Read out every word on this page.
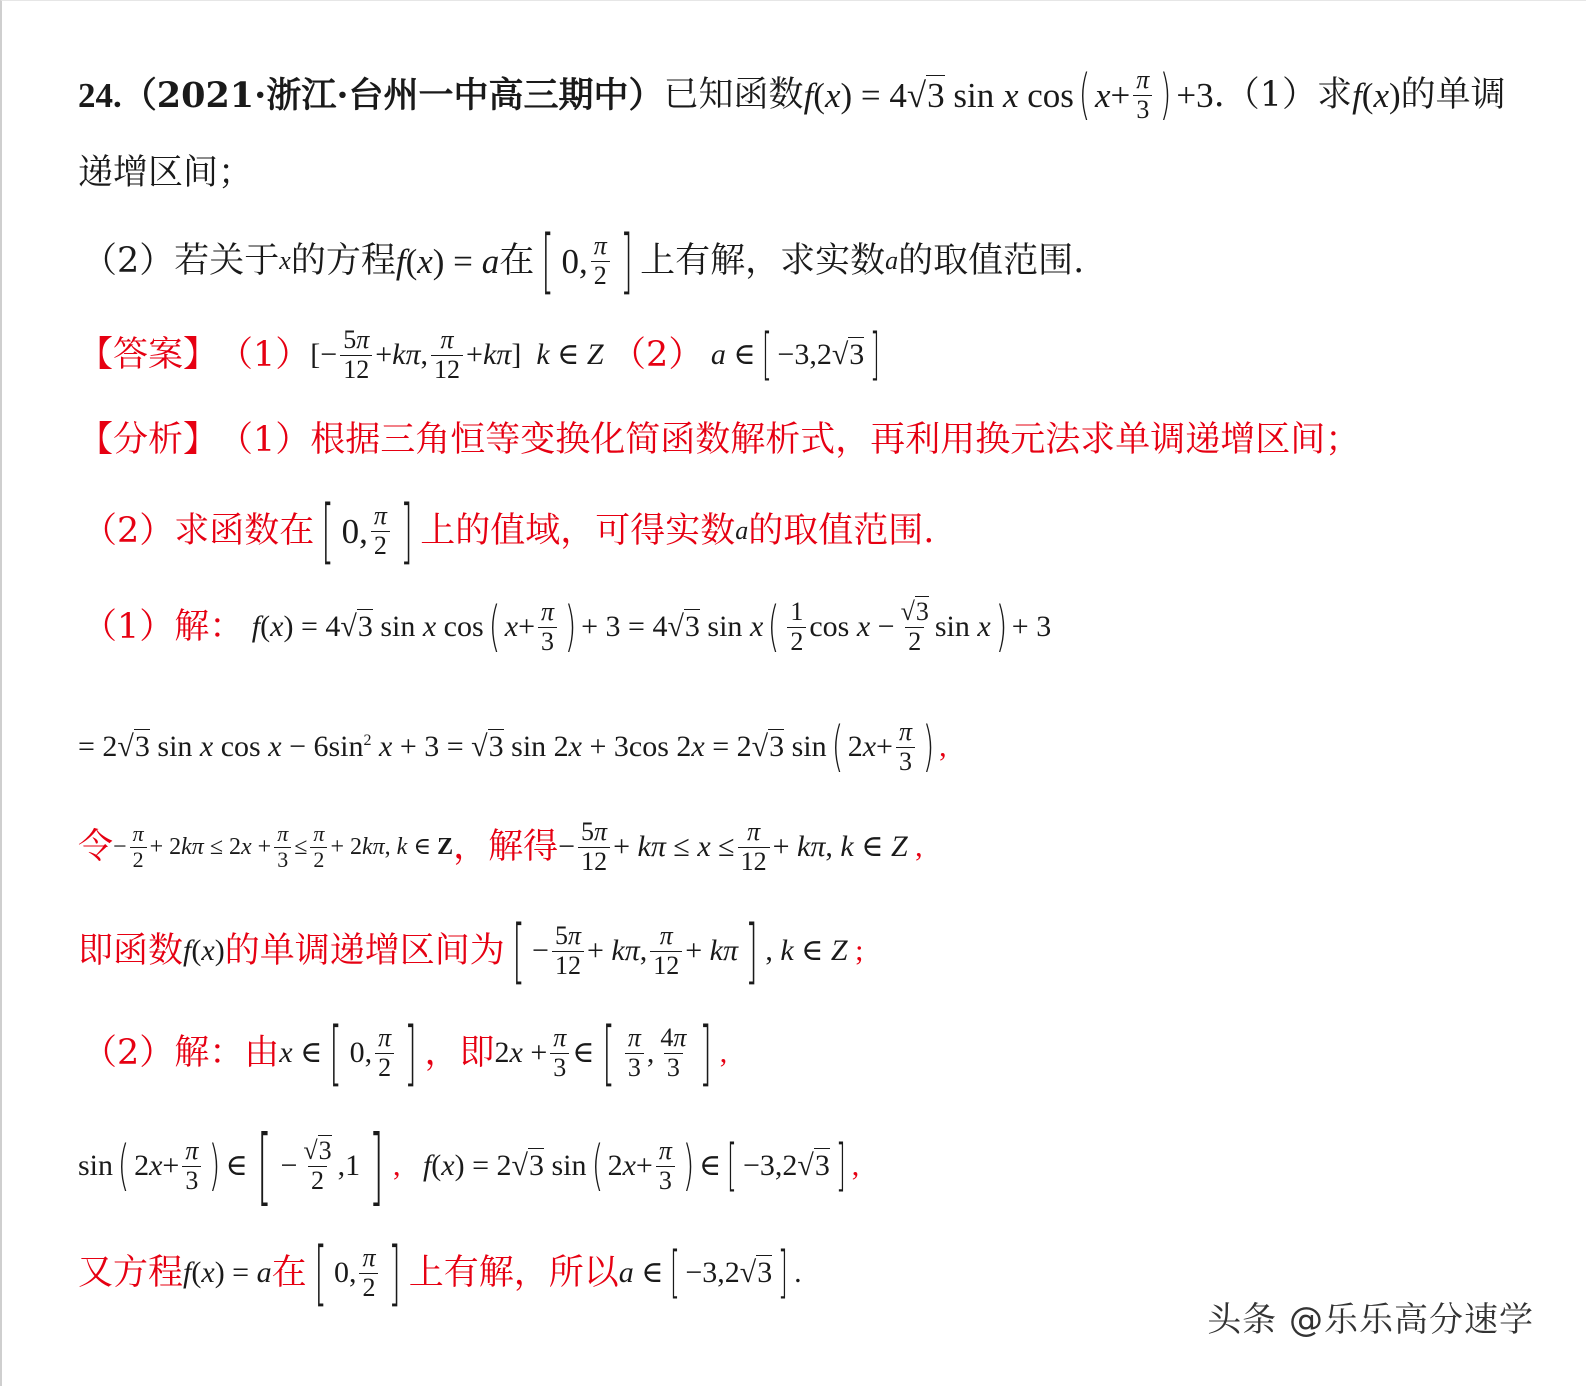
24. （2021·浙江·台州一中高三期中） 已知函数 f(x) = 4√3 sin x cos ( $x + \frac{\pi}{3}$ ) +3 .（1）求 f(x) 的单调
递增区间；
（2）若关于 x 的方程 f(x) = a 在 [ 0, π
2 ] 上有解，求实数 a 的取值范围.
【答案】 （1） [− $\frac{5\pi}{12} +k\pi$, π
12 +kπ]  k ∈ Z （2） a ∈ [ −3,2√3 ]
【分析】 （1）根据三角恒等变换化简函数解析式，再利用换元法求单调递增区间；
（2）求函数在 [ 0, π
2 ] 上的值域，可得实数 a 的取值范围.
（1）解： f(x) = 4√3 sin x cos ( $x + \frac{\pi}{3}$ ) + 3 = 4√3 sin x ( 1
2 $\cos x - \frac{√3}{2}$ sin x ) + 3
= 2√3 sin x $\cos x - 6\sin^2$ x + 3 = √3 sin 2x + 3cos 2x = 2√3 sin ( $2x+ \frac{\pi}{3}$ ) ,
令 − $\frac{\pi}{2} + 2k\pi \le 2x + \frac{\pi}{3} \le \frac{\pi}{2} + 2k\pi$, k ∈ Z ，解得 − $\frac{5\pi}{12} + k\pi \le x \le \frac{\pi}{12} + k\pi$, k ∈ Z ,
即函数 f(x) 的单调递增区间为 [ − $\frac{5\pi}{12} + k\pi$, π
12 + kπ ] , k ∈ Z ;
（2）解：由 x ∈ [ 0, π
2 ] ，即 $2x + \frac{\pi}{3}$ ∈ [ π
3 , 4π
3 ] ,
sin ( $2x+ \frac{\pi}{3}$ ) ∈ [ − $\frac{√3}{2} ,1$ ] , f(x) = 2√3 sin ( $2x+ \frac{\pi}{3}$ ) ∈ [ −3,2√3 ] ,
又方程 f(x) = a 在 [ 0, π
2 ] 上有解，所以 a ∈ [ −3,2√3 ] .
头条 @乐乐高分速学
